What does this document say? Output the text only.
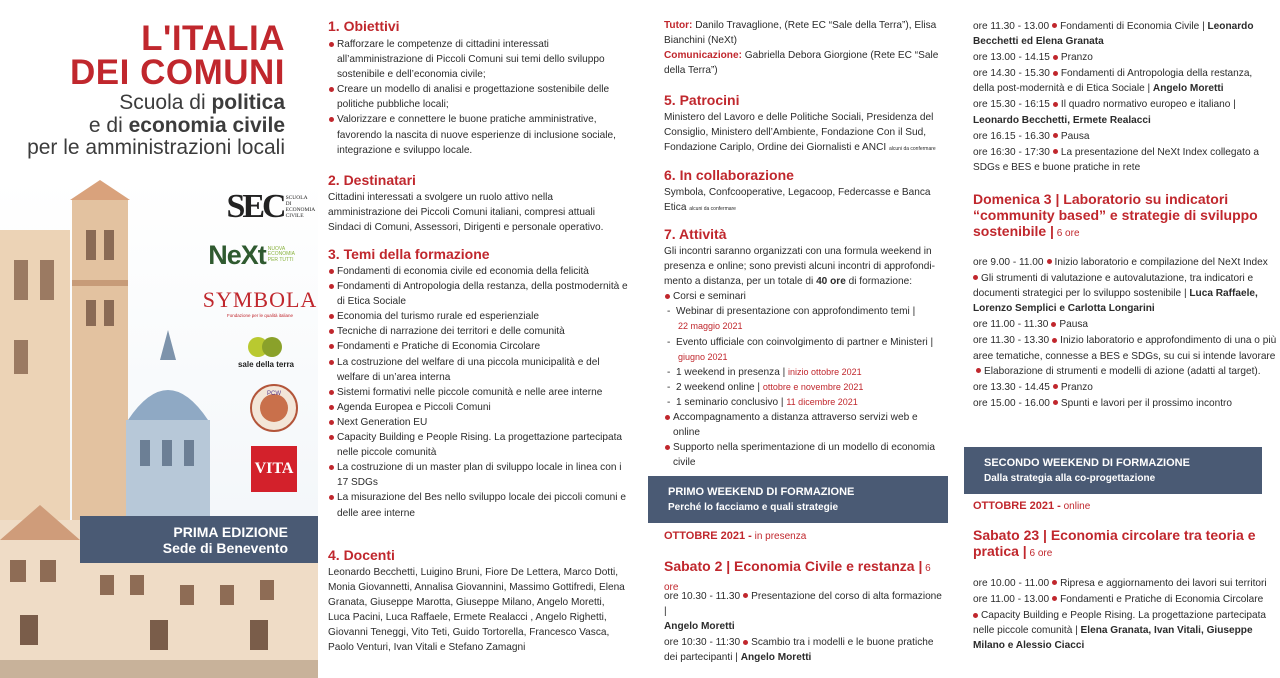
L'ITALIA
DEI COMUNI
Scuola di politica
e di economia civile
per le amministrazioni locali
SEC SCUOLA DI ECONOMIA CIVILE
NeXt NUOVA ECONOMIA PER TUTTI
SYMBOLA
Fondazione per le qualità italiane
sale della terra
PCW
VITA
PRIMA EDIZIONE
Sede di Benevento
1. Obiettivi
Rafforzare le competenze di cittadini interessati all’amministrazione di Piccoli Comuni sui temi dello sviluppo sostenibile e dell’economia civile;
Creare un modello di analisi e progettazione sostenibile delle politiche pubbliche locali;
Valorizzare e connettere le buone pratiche amministrative, favorendo la nascita di nuove esperienze di inclusione sociale, integrazione e sviluppo locale.
2. Destinatari
Cittadini interessati a svolgere un ruolo attivo nella amministrazione dei Piccoli Comuni italiani, compresi attuali Sindaci di Comuni, Assessori, Dirigenti e personale operativo.
3. Temi della formazione
Fondamenti di economia civile ed economia della felicità
Fondamenti di Antropologia della restanza, della postmodernità e di Etica Sociale
Economia del turismo rurale ed esperienziale
Tecniche di narrazione dei territori e delle comunità
Fondamenti e Pratiche di Economia Circolare
La costruzione del welfare di una piccola municipalità e del welfare di un’area interna
Sistemi formativi nelle piccole comunità e nelle aree interne
Agenda Europea e Piccoli Comuni
Next Generation EU
Capacity Building e People Rising. La progettazione partecipata nelle piccole comunità
La costruzione di un master plan di sviluppo locale in linea con i 17 SDGs
La misurazione del Bes nello sviluppo locale dei piccoli comuni e delle aree interne
4. Docenti
Leonardo Becchetti, Luigino Bruni, Fiore De Lettera, Marco Dotti, Monia Giovannetti, Annalisa Giovannini, Massimo Gottifredi, Elena Granata, Giuseppe Marotta, Giuseppe Milano, Angelo Moretti, Luca Pacini, Luca Raffaele, Ermete Realacci , Angelo Righetti, Giovanni Teneggi, Vito Teti, Guido Tortorella, Francesco Vasca, Paolo Venturi, Ivan Vitali e Stefano Zamagni
Tutor: Danilo Travaglione, (Rete EC “Sale della Terra”), Elisa Bianchini (NeXt)
Comunicazione: Gabriella Debora Giorgione (Rete EC “Sale della Terra”)
5. Patrocini
Ministero del Lavoro e delle Politiche Sociali, Presidenza del Consiglio, Ministero dell’Ambiente, Fondazione Con il Sud, Fondazione Cariplo, Ordine dei Giornalisti e ANCI alcuni da confermare
6. In collaborazione
Symbola, Confcooperative, Legacoop, Federcasse e Banca Etica alcuni da confermare
7. Attività
Gli incontri saranno organizzati con una formula weekend in presenza e online; sono previsti alcuni incontri di approfondi-mento a distanza, per un totale di 40 ore di formazione:
Corsi e seminari
- Webinar di presentazione con approfondimento temi |
22 maggio 2021
- Evento ufficiale con coinvolgimento di partner e Ministeri |
giugno 2021
- 1 weekend in presenza | inizio ottobre 2021
- 2 weekend online | ottobre e novembre 2021
- 1 seminario conclusivo | 11 dicembre 2021
Accompagnamento a distanza attraverso servizi web e online
Supporto nella sperimentazione di un modello di economia civile
PRIMO WEEKEND DI FORMAZIONE
Perché lo facciamo e quali strategie
OTTOBRE 2021 - in presenza
Sabato 2 | Economia Civile e restanza | 6 ore
ore 10.30 - 11.30 Presentazione del corso di alta formazione |
Angelo Moretti
ore 10:30 - 11:30 Scambio tra i modelli e le buone pratiche dei partecipanti | Angelo Moretti
ore 11.30 - 13.00 Fondamenti di Economia Civile | Leonardo Becchetti ed Elena Granata
ore 13.00 - 14.15 Pranzo
ore 14.30 - 15.30 Fondamenti di Antropologia della restanza, della post-modernità e di Etica Sociale | Angelo Moretti
ore 15.30 - 16:15 Il quadro normativo europeo e italiano | Leonardo Becchetti, Ermete Realacci
ore 16.15 - 16.30 Pausa
ore 16:30 - 17:30 La presentazione del NeXt Index collegato a SDGs e BES e buone pratiche in rete
Domenica 3 | Laboratorio su indicatori “community based” e strategie di sviluppo sostenibile | 6 ore
ore 9.00 - 11.00 Inizio laboratorio e compilazione del NeXt Index
Gli strumenti di valutazione e autovalutazione, tra indicatori e documenti strategici per lo sviluppo sostenibile | Luca Raffaele, Lorenzo Semplici e Carlotta Longarini
ore 11.00 - 11.30 Pausa
ore 11.30 - 13.30 Inizio laboratorio e approfondimento di una o più aree tematiche, connesse a BES e SDGs, su cui si intende lavorareElaborazione di strumenti e modelli di azione (adatti al target).
ore 13.30 - 14.45 Pranzo
ore 15.00 - 16.00 Spunti e lavori per il prossimo incontro
SECONDO WEEKEND DI FORMAZIONE
Dalla strategia alla co-progettazione
OTTOBRE 2021 - online
Sabato 23 | Economia circolare tra teoria e pratica | 6 ore
ore 10.00 - 11.00 Ripresa e aggiornamento dei lavori sui territori
ore 11.00 - 13.00 Fondamenti e Pratiche di Economia Circolare
Capacity Building e People Rising. La progettazione partecipata nelle piccole comunità | Elena Granata, Ivan Vitali, Giuseppe Milano e Alessio Ciacci
